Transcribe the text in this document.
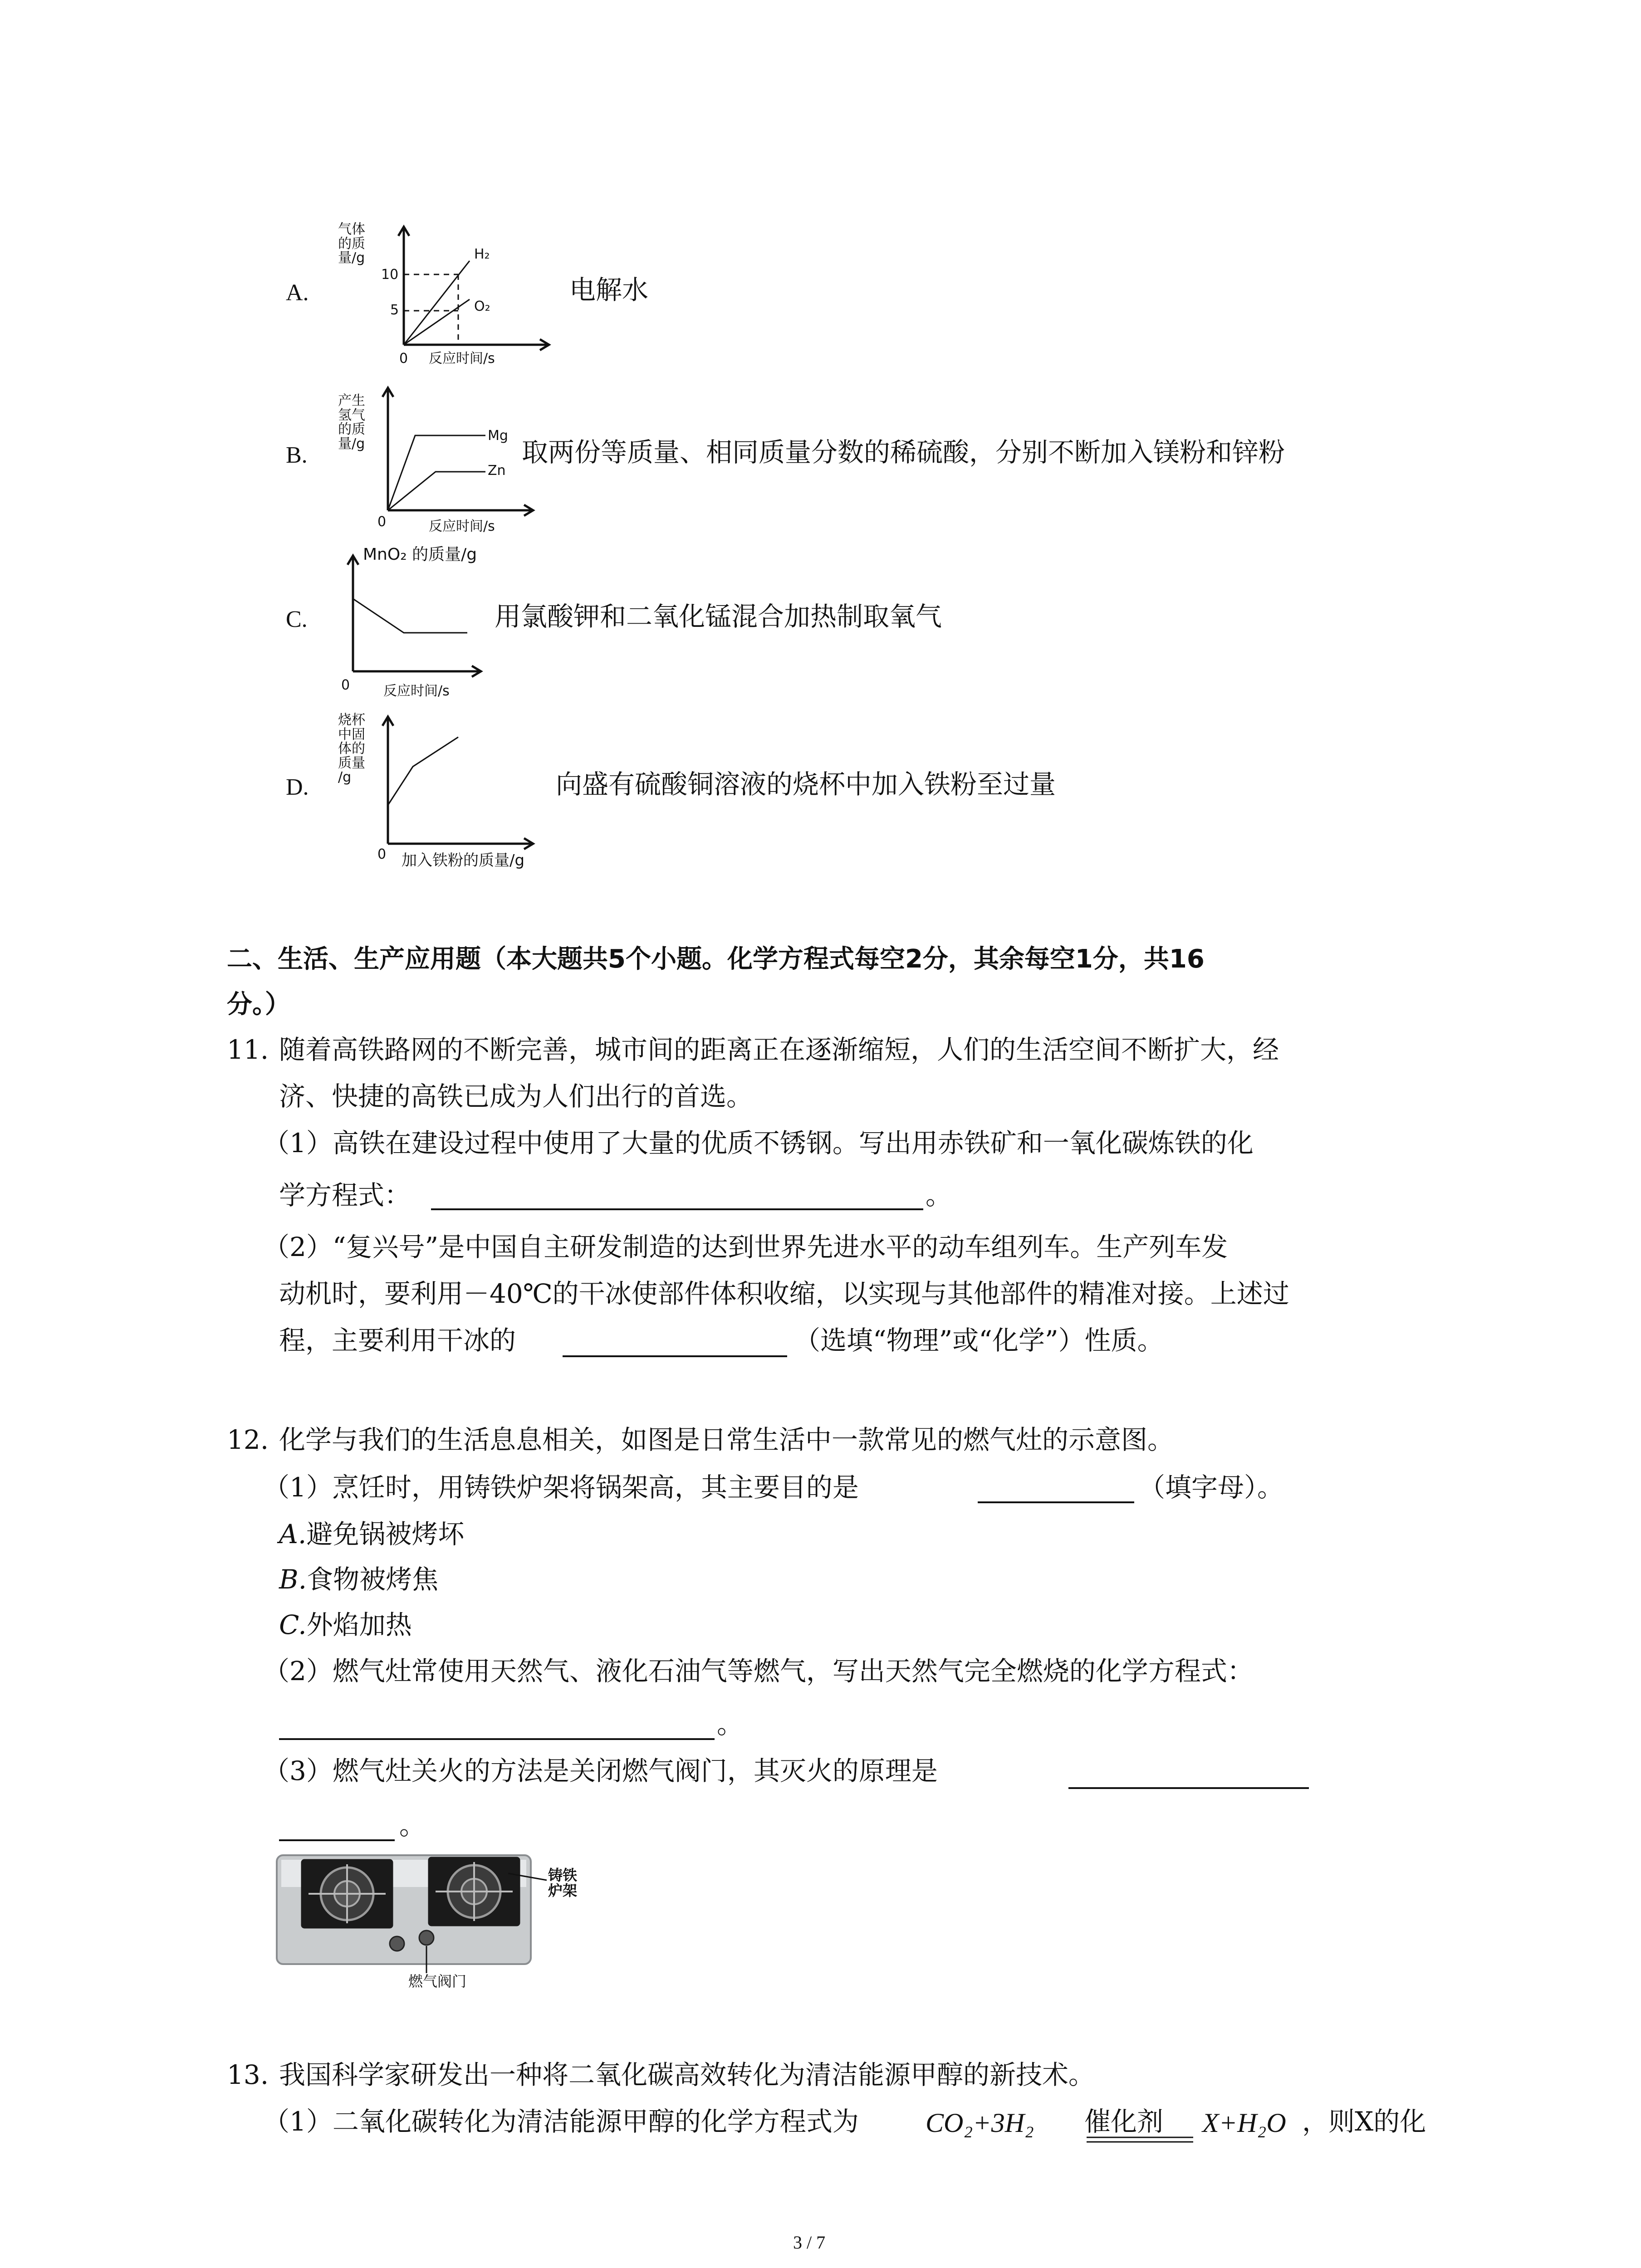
A.
气体
的质
量/g
10
5
0 反应时间/s
H₂
O₂
电解水
B.
产生
氢气
的质
量/g
0	反应时间/s
Mg
Zn
取两份等质量、相同质量分数的稀硫酸，分别不断加入镁粉和锌粉
C.
MnO₂ 的质量/g
0 反应时间/s
用氯酸钾和二氧化锰混合加热制取氧气
D.
烧杯
中固
体的
质量
/g
0 加入铁粉的质量/g
向盛有硫酸铜溶液的烧杯中加入铁粉至过量
二、生活、生产应用题（本大题共5个小题。化学方程式每空2分，其余每空1分，共16
分。）
11. 随着高铁路网的不断完善，城市间的距离正在逐渐缩短，人们的生活空间不断扩大，经
济、快捷的高铁已成为人们出行的首选。
（1）高铁在建设过程中使用了大量的优质不锈钢。写出用赤铁矿和一氧化碳炼铁的化
学方程式：	。
（2）“复兴号”是中国自主研发制造的达到世界先进水平的动车组列车。生产列车发
动机时，要利用－40℃的干冰使部件体积收缩，以实现与其他部件的精准对接。上述过
程，主要利用干冰的	（选填“物理”或“化学”）性质。
12. 化学与我们的生活息息相关，如图是日常生活中一款常见的燃气灶的示意图。
（1）烹饪时，用铸铁炉架将锅架高，其主要目的是	（填字母）。
A.避免锅被烤坏
B.食物被烤焦
C.外焰加热
（2）燃气灶常使用天然气、液化石油气等燃气，写出天然气完全燃烧的化学方程式：
。
（3）燃气灶关火的方法是关闭燃气阀门，其灭火的原理是
。
铸铁
炉架
燃气阀门
13. 我国科学家研发出一种将二氧化碳高效转化为清洁能源甲醇的新技术。
（1）二氧化碳转化为清洁能源甲醇的化学方程式为 CO₂+3H₂ 催化剂 X+H₂O ，则X的化
3 / 7
